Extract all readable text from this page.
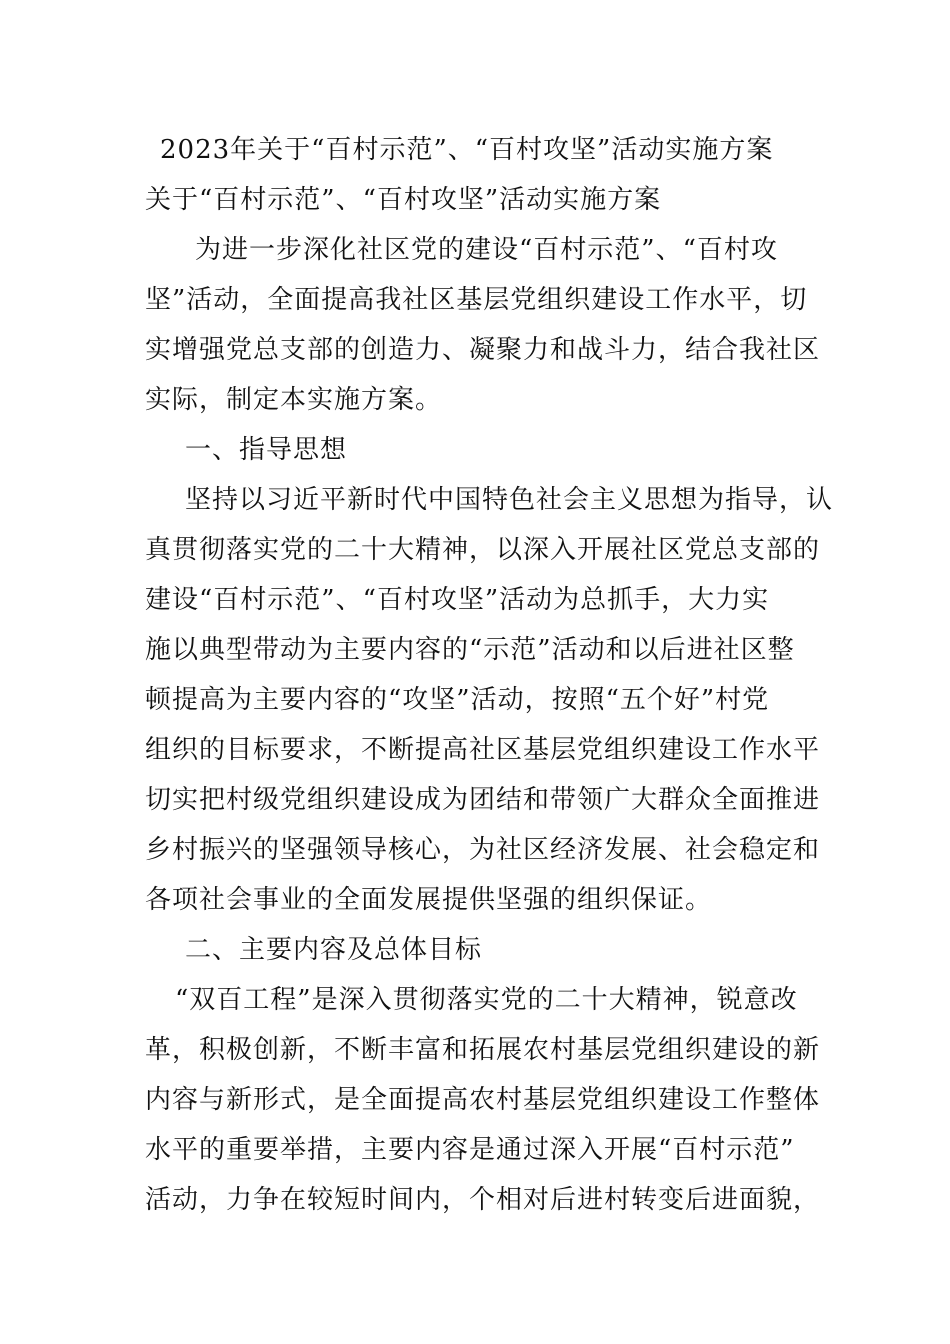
2023年关于“百村示范”、“百村攻坚”活动实施方案
关于“百村示范”、“百村攻坚”活动实施方案
为进一步深化社区党的建设“百村示范”、“百村攻
坚”活动，全面提高我社区基层党组织建设工作水平，切
实增强党总支部的创造力、凝聚力和战斗力，结合我社区
实际，制定本实施方案。
一、指导思想
坚持以习近平新时代中国特色社会主义思想为指导，认
真贯彻落实党的二十大精神，以深入开展社区党总支部的
建设“百村示范”、“百村攻坚”活动为总抓手，大力实
施以典型带动为主要内容的“示范”活动和以后进社区整
顿提高为主要内容的“攻坚”活动，按照“五个好”村党
组织的目标要求，不断提高社区基层党组织建设工作水平
切实把村级党组织建设成为团结和带领广大群众全面推进
乡村振兴的坚强领导核心，为社区经济发展、社会稳定和
各项社会事业的全面发展提供坚强的组织保证。
二、主要内容及总体目标
“双百工程”是深入贯彻落实党的二十大精神，锐意改
革，积极创新，不断丰富和拓展农村基层党组织建设的新
内容与新形式，是全面提高农村基层党组织建设工作整体
水平的重要举措，主要内容是通过深入开展“百村示范”
活动，力争在较短时间内，个相对后进村转变后进面貌，
